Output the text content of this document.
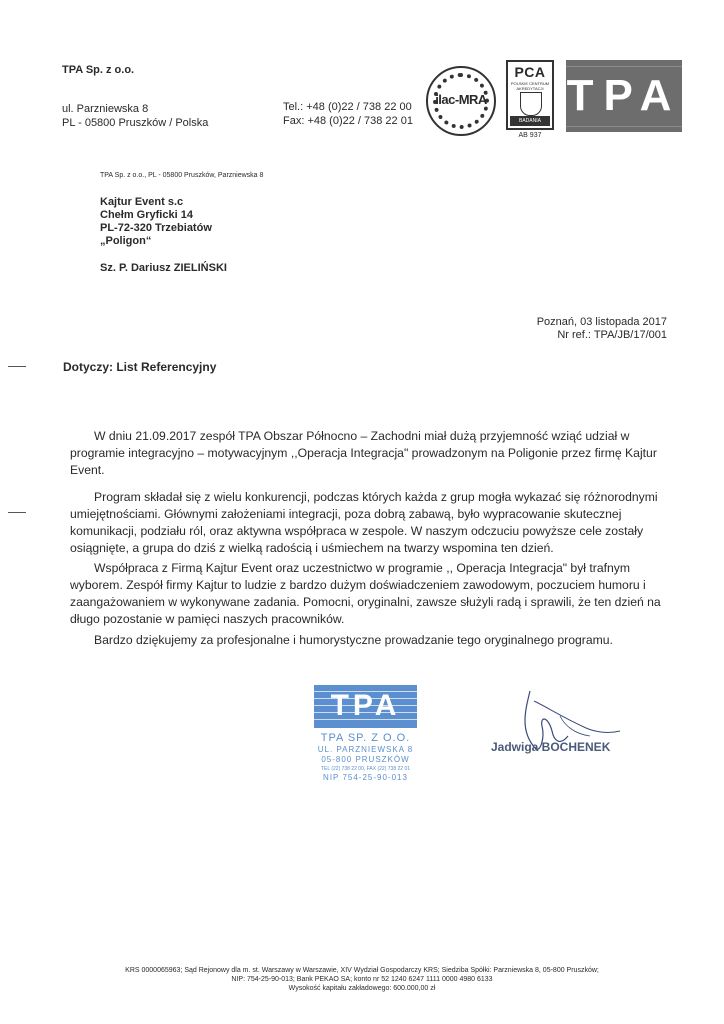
TPA Sp. z o.o.
ul. Parzniewska 8
PL - 05800 Pruszków / Polska
Tel.: +48 (0)22 / 738 22 00
Fax: +48 (0)22 / 738 22 01
ilac-MRA
PCA
POLSKIE CENTRUM AKREDYTACJI
BADANIA
AB 937
TPA
TPA Sp. z o.o., PL - 05800 Pruszków, Parzniewska 8
Kajtur Event s.c
Chełm Gryficki 14
PL-72-320 Trzebiatów
„Poligon“
Sz. P. Dariusz ZIELIŃSKI
Poznań, 03 listopada 2017
Nr ref.: TPA/JB/17/001
Dotyczy: List Referencyjny

W dniu 21.09.2017 zespół TPA Obszar Północno – Zachodni miał dużą przyjemność wziąć udział w programie integracyjno – motywacyjnym ,,Operacja Integracja" prowadzonym na Poligonie przez firmę Kajtur Event.

Program składał się z wielu konkurencji, podczas których każda z grup mogła wykazać się różnorodnymi umiejętnościami. Głównymi założeniami integracji, poza dobrą zabawą, było wypracowanie skutecznej komunikacji, podziału ról, oraz aktywna współpraca w zespole. W naszym odczuciu powyższe cele zostały osiągnięte, a grupa do dziś z wielką radością i uśmiechem na twarzy wspomina ten dzień.

Współpraca z Firmą Kajtur Event oraz uczestnictwo w programie ,, Operacja Integracja" był trafnym wyborem. Zespół firmy Kajtur to ludzie z bardzo dużym doświadczeniem zawodowym, poczuciem humoru i zaangażowaniem w wykonywane zadania. Pomocni, oryginalni, zawsze służyli radą i sprawili, że ten dzień na długo pozostanie w pamięci naszych pracowników.

Bardzo dziękujemy za profesjonalne i humorystyczne prowadzanie tego oryginalnego programu.

TPA
TPA SP. Z O.O.
UL. PARZNIEWSKA 8
05-800 PRUSZKÓW
TEL (22) 738 22 00, FAX (22) 738 22 01
NIP 754-25-90-013
Jadwiga BOCHENEK
KRS 0000065963; Sąd Rejonowy dla m. st. Warszawy w Warszawie, XIV Wydział Gospodarczy KRS; Siedziba Spółki: Parzniewska 8, 05-800 Pruszków;
NIP: 754-25-90-013; Bank PEKAO SA; konto nr 52 1240 6247 1111 0000 4980 6133
Wysokość kapitału zakładowego: 600.000,00 zł
